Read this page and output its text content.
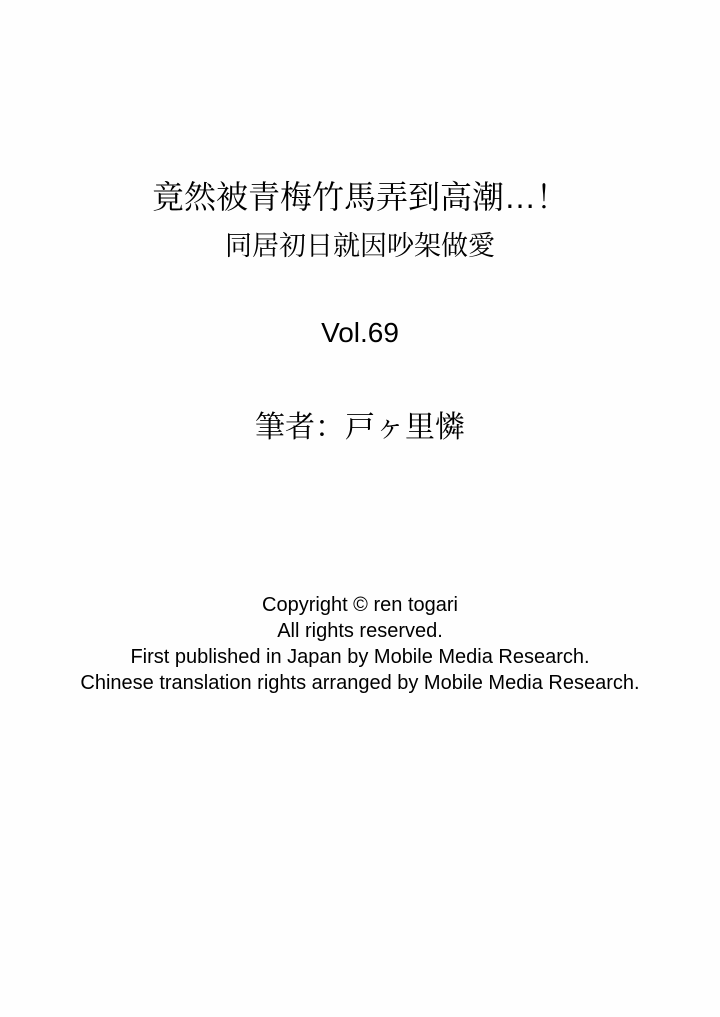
竟然被青梅竹馬弄到高潮…！
同居初日就因吵架做愛
Vol.69
筆者：戸ヶ里憐
Copyright © ren togari
All rights reserved.
First published in Japan by Mobile Media Research.
Chinese translation rights arranged by Mobile Media Research.
